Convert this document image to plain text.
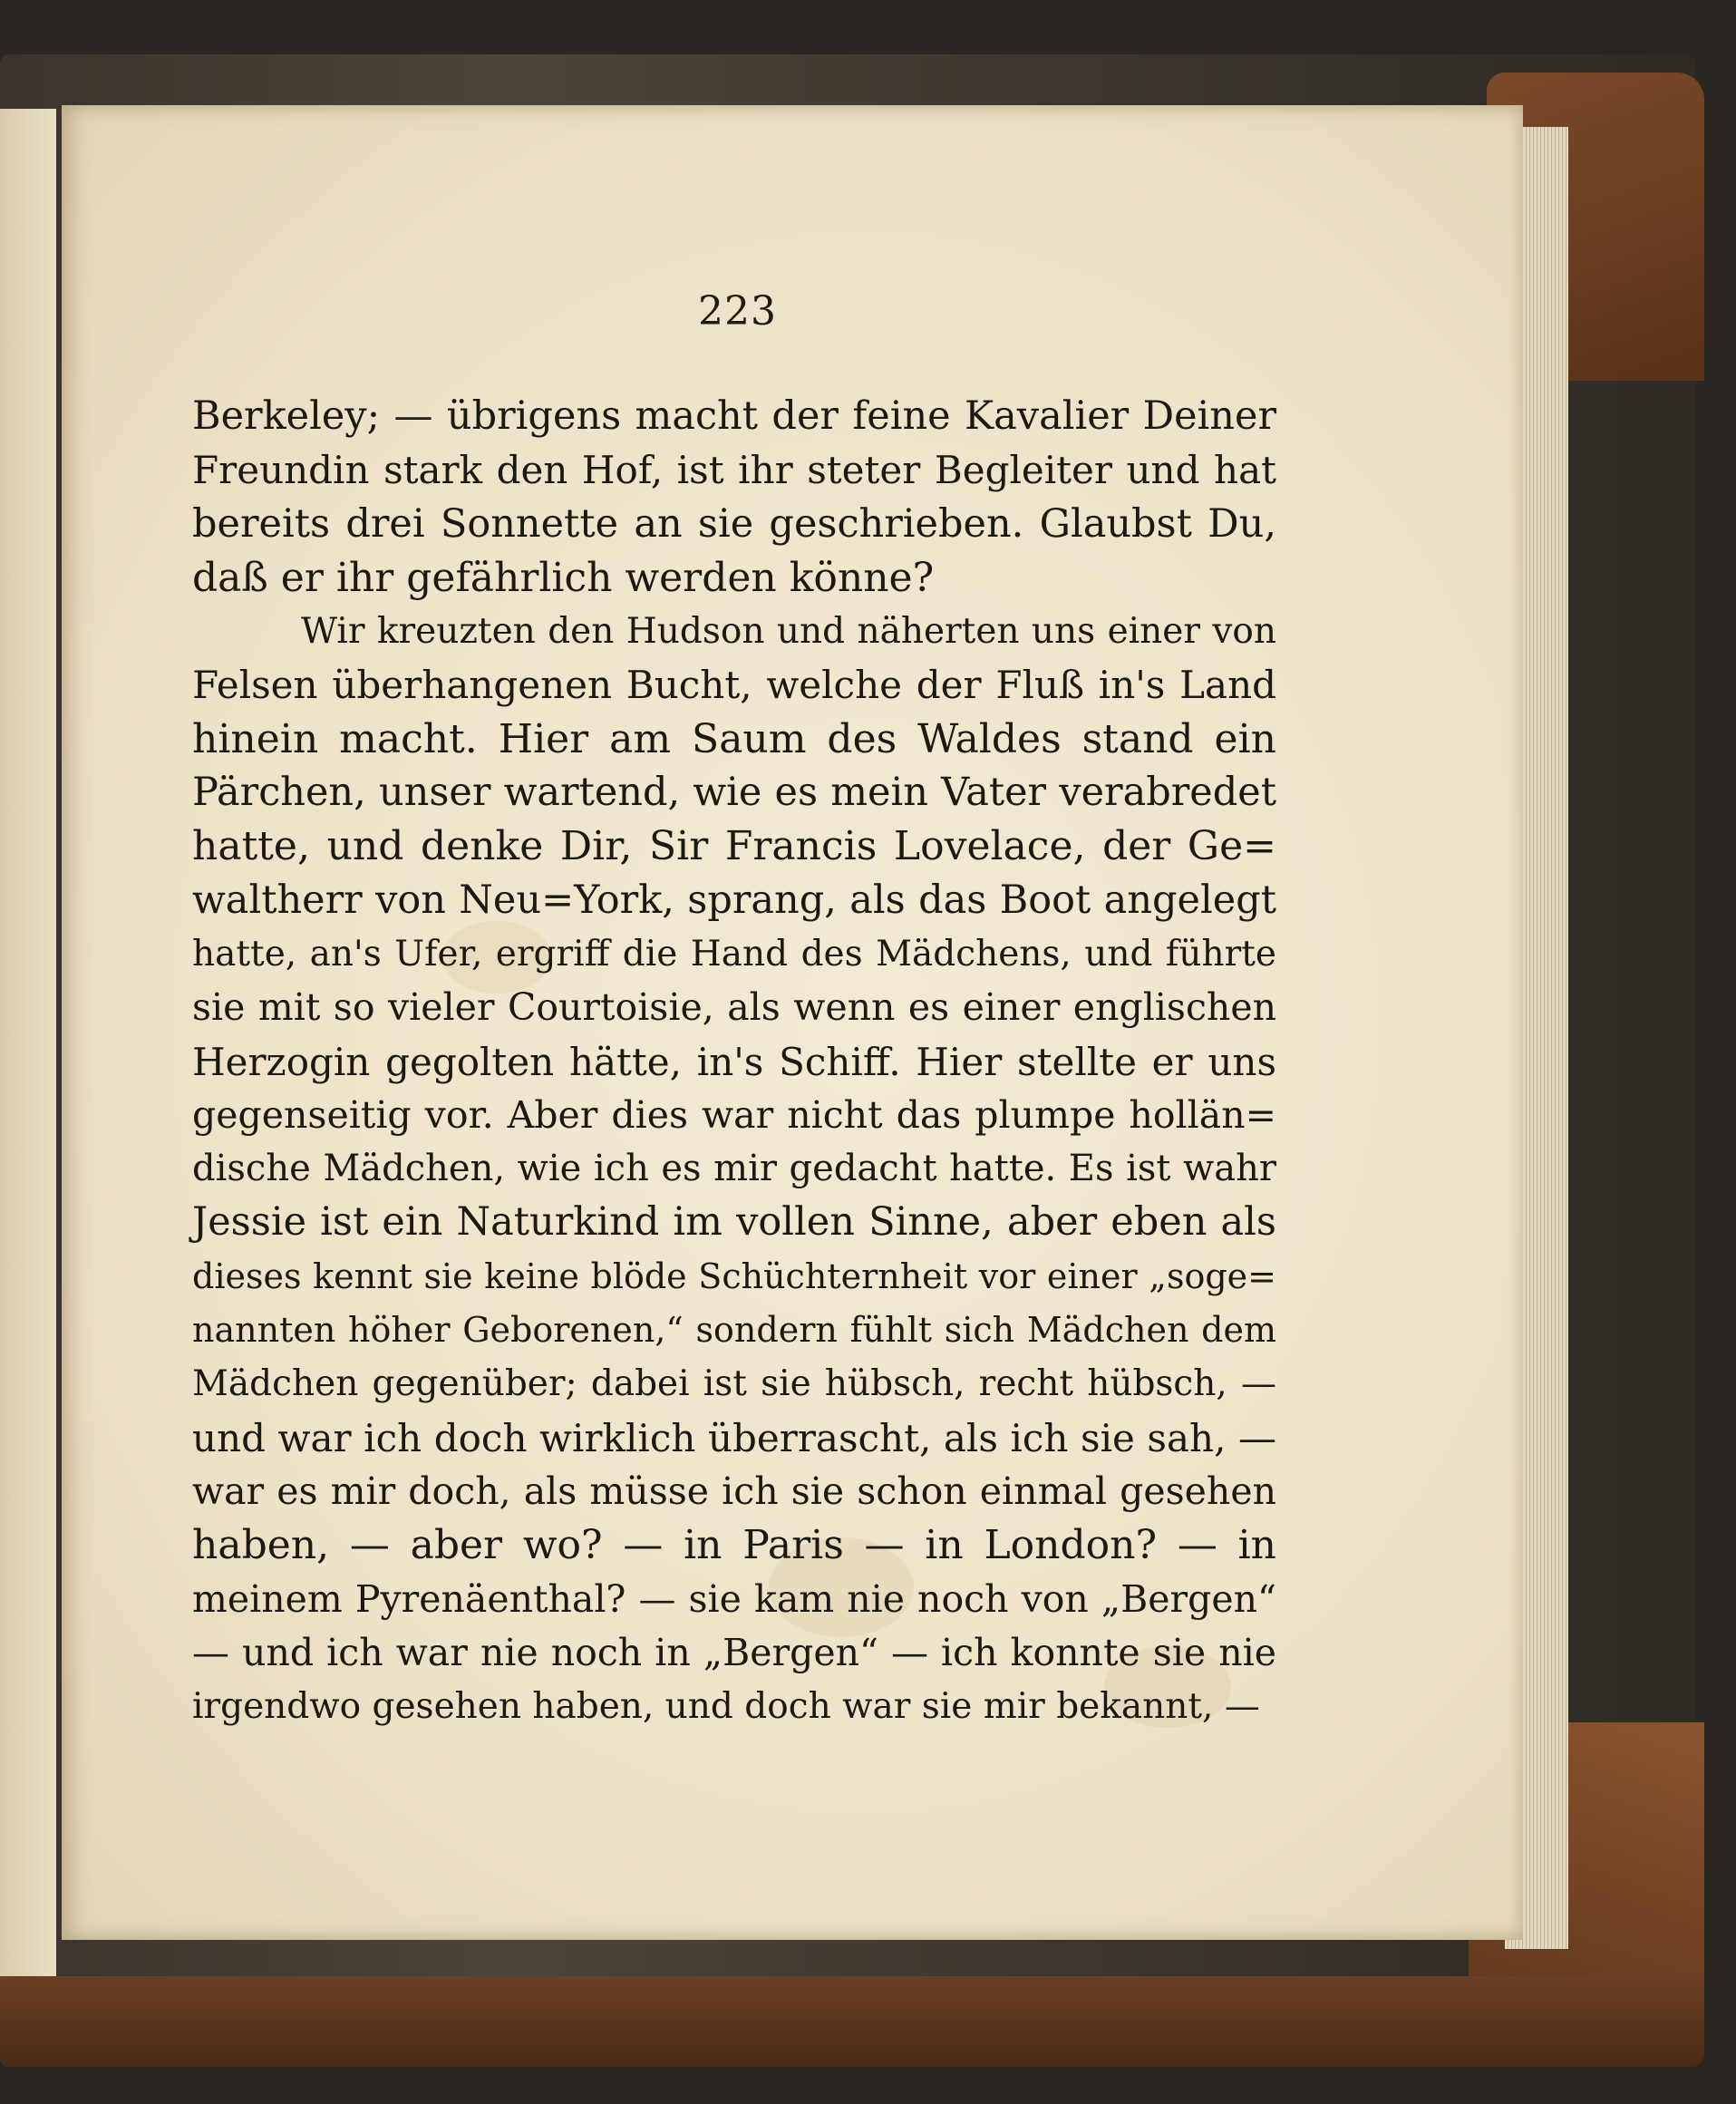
223
Berkeley; — übrigens macht der feine Kavalier Deiner
Freundin stark den Hof, ist ihr steter Begleiter und hat
bereits drei Sonnette an sie geschrieben. Glaubst Du,
daß er ihr gefährlich werden könne?
Wir kreuzten den Hudson und näherten uns einer von
Felsen überhangenen Bucht, welche der Fluß in's Land
hinein macht. Hier am Saum des Waldes stand ein
Pärchen, unser wartend, wie es mein Vater verabredet
hatte, und denke Dir, Sir Francis Lovelace, der Ge=
waltherr von Neu=York, sprang, als das Boot angelegt
hatte, an's Ufer, ergriff die Hand des Mädchens, und führte
sie mit so vieler Courtoisie, als wenn es einer englischen
Herzogin gegolten hätte, in's Schiff. Hier stellte er uns
gegenseitig vor. Aber dies war nicht das plumpe hollän=
dische Mädchen, wie ich es mir gedacht hatte. Es ist wahr
Jessie ist ein Naturkind im vollen Sinne, aber eben als
dieses kennt sie keine blöde Schüchternheit vor einer „soge=
nannten höher Geborenen,“ sondern fühlt sich Mädchen dem
Mädchen gegenüber; dabei ist sie hübsch, recht hübsch, —
und war ich doch wirklich überrascht, als ich sie sah, —
war es mir doch, als müsse ich sie schon einmal gesehen
haben, — aber wo? — in Paris — in London? — in
meinem Pyrenäenthal? — sie kam nie noch von „Bergen“
— und ich war nie noch in „Bergen“ — ich konnte sie nie
irgendwo gesehen haben, und doch war sie mir bekannt, —
